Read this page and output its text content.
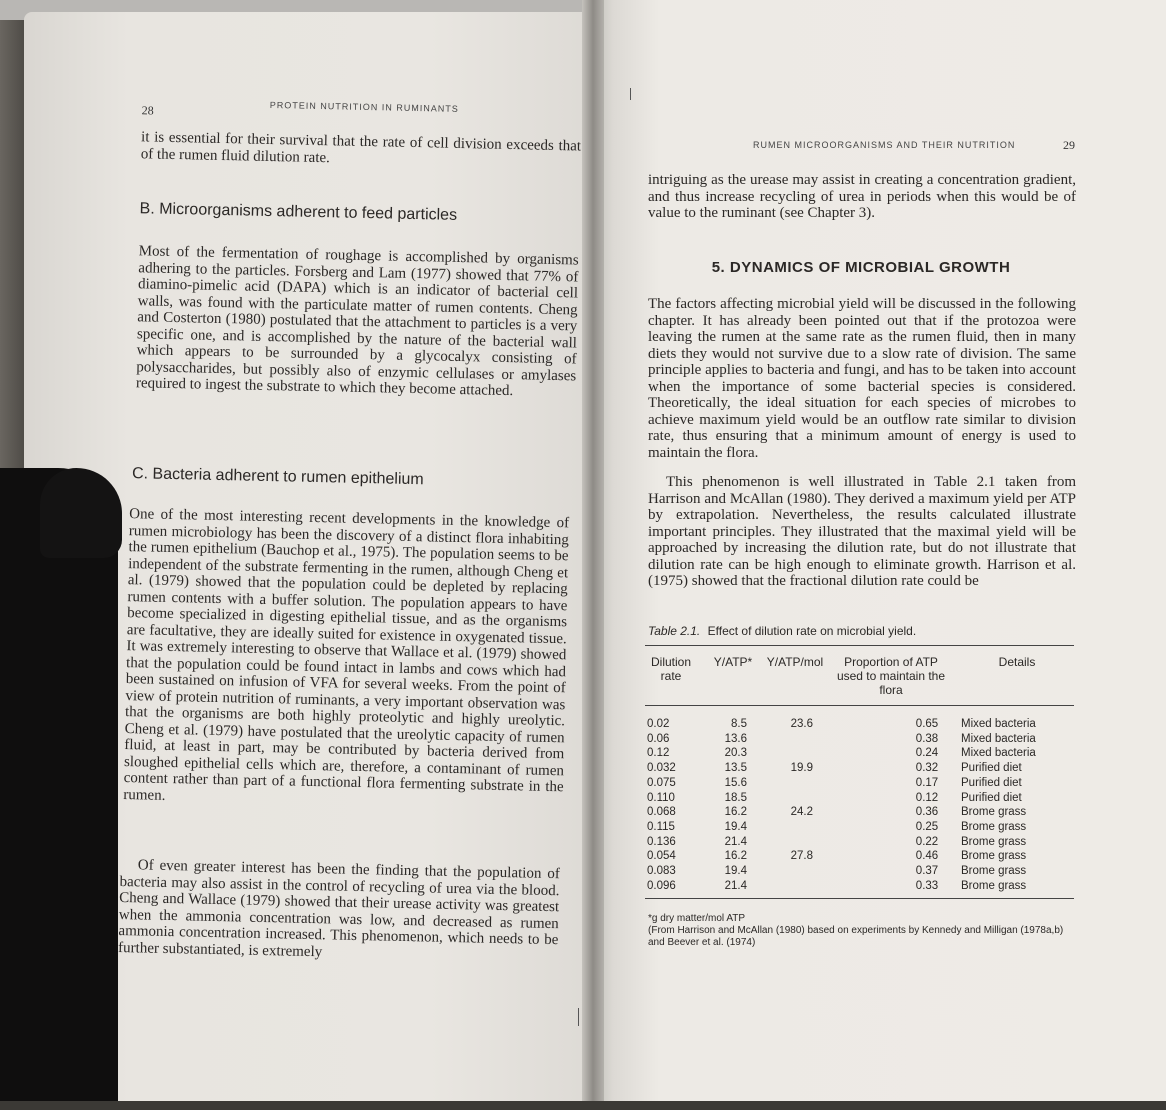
28	PROTEIN NUTRITION IN RUMINANTS

it is essential for their survival that the rate of cell division exceeds that of the rumen fluid dilution rate.

B. Microorganisms adherent to feed particles

Most of the fermentation of roughage is accomplished by organisms adhering to the particles. Forsberg and Lam (1977) showed that 77% of diamino-pimelic acid (DAPA) which is an indicator of bacterial cell walls, was found with the particulate matter of rumen contents. Cheng and Costerton (1980) postulated that the attachment to particles is a very specific one, and is accomplished by the nature of the bacterial wall which appears to be surrounded by a glycocalyx consisting of polysaccharides, but possibly also of enzymic cellulases or amylases required to ingest the substrate to which they become attached.

C. Bacteria adherent to rumen epithelium

One of the most interesting recent developments in the knowledge of rumen microbiology has been the discovery of a distinct flora inhabiting the rumen epithelium (Bauchop et al., 1975). The population seems to be independent of the substrate fermenting in the rumen, although Cheng et al. (1979) showed that the population could be depleted by replacing rumen contents with a buffer solution. The population appears to have become specialized in digesting epithelial tissue, and as the organisms are facultative, they are ideally suited for existence in oxygenated tissue. It was extremely interesting to observe that Wallace et al. (1979) showed that the population could be found intact in lambs and cows which had been sustained on infusion of VFA for several weeks. From the point of view of protein nutrition of ruminants, a very important observation was that the organisms are both highly proteolytic and highly ureolytic. Cheng et al. (1979) have postulated that the ureolytic capacity of rumen fluid, at least in part, may be contributed by bacteria derived from sloughed epithelial cells which are, therefore, a contaminant of rumen content rather than part of a functional flora fermenting substrate in the rumen.

Of even greater interest has been the finding that the population of bacteria may also assist in the control of recycling of urea via the blood. Cheng and Wallace (1979) showed that their urease activity was greatest when the ammonia concentration was low, and decreased as rumen ammonia concentration increased. This phenomenon, which needs to be further substantiated, is extremely

RUMEN MICROORGANISMS AND THEIR NUTRITION	29

intriguing as the urease may assist in creating a concentration gradient, and thus increase recycling of urea in periods when this would be of value to the ruminant (see Chapter 3).

5. DYNAMICS OF MICROBIAL GROWTH

The factors affecting microbial yield will be discussed in the following chapter. It has already been pointed out that if the protozoa were leaving the rumen at the same rate as the rumen fluid, then in many diets they would not survive due to a slow rate of division. The same principle applies to bacteria and fungi, and has to be taken into account when the importance of some bacterial species is considered. Theoretically, the ideal situation for each species of microbes to achieve maximum yield would be an outflow rate similar to division rate, thus ensuring that a minimum amount of energy is used to maintain the flora.

This phenomenon is well illustrated in Table 2.1 taken from Harrison and McAllan (1980). They derived a maximum yield per ATP by extrapolation. Nevertheless, the results calculated illustrate important principles. They illustrated that the maximal yield will be approached by increasing the dilution rate, but do not illustrate that dilution rate can be high enough to eliminate growth. Harrison et al. (1975) showed that the fractional dilution rate could be

Table 2.1. Effect of dilution rate on microbial yield.
Dilution rate
Y/ATP*	Y/ATP/mol	Proportion of ATP used to maintain the flora
Details
0.02	8.5	23.6		0.65	Mixed bacteria
0.06	13.6			0.38	Mixed bacteria
0.12	20.3			0.24	Mixed bacteria
0.032	13.5	19.9		0.32	Purified diet
0.075	15.6			0.17	Purified diet
0.110	18.5			0.12	Purified diet
0.068	16.2	24.2		0.36	Brome grass
0.115	19.4			0.25	Brome grass
0.136	21.4			0.22	Brome grass
0.054	16.2	27.8		0.46	Brome grass
0.083	19.4			0.37	Brome grass
0.096	21.4			0.33	Brome grass
*g dry matter/mol ATP
(From Harrison and McAllan (1980) based on experiments by Kennedy and Milligan (1978a,b) and Beever et al. (1974)
